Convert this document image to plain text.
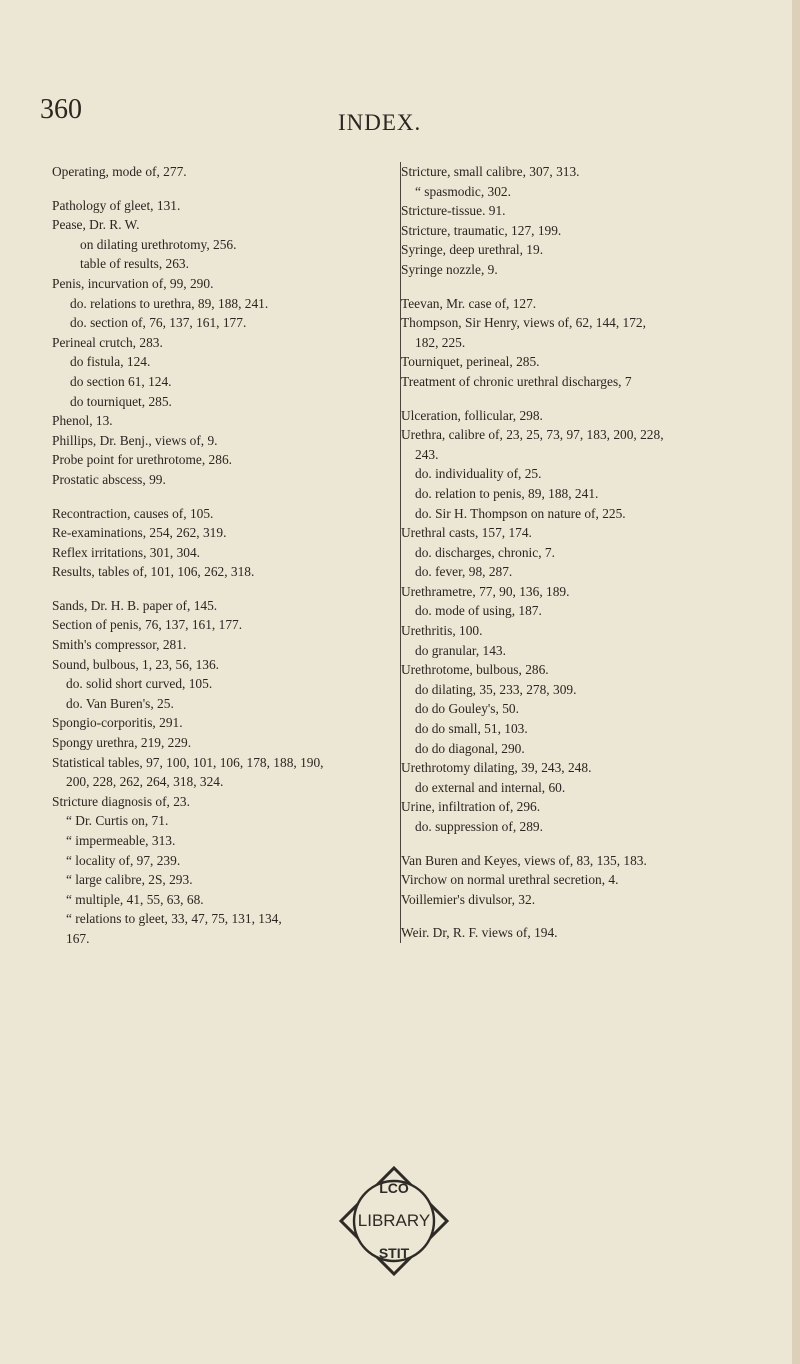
360	INDEX.
Operating, mode of, 277.
Pathology of gleet, 131.
Pease, Dr. R. W.
on dilating urethrotomy, 256.
table of results, 263.
Penis, incurvation of, 99, 290.
do. relations to urethra, 89, 188, 241.
do. section of, 76, 137, 161, 177.
Perineal crutch, 283.
do fistula, 124.
do section 61, 124.
do tourniquet, 285.
Phenol, 13.
Phillips, Dr. Benj., views of, 9.
Probe point for urethrotome, 286.
Prostatic abscess, 99.
Recontraction, causes of, 105.
Re-examinations, 254, 262, 319.
Reflex irritations, 301, 304.
Results, tables of, 101, 106, 262, 318.
Sands, Dr. H. B. paper of, 145.
Section of penis, 76, 137, 161, 177.
Smith's compressor, 281.
Sound, bulbous, 1, 23, 56, 136.
do. solid short curved, 105.
do. Van Buren's, 25.
Spongio-corporitis, 291.
Spongy urethra, 219, 229.
Statistical tables, 97, 100, 101, 106, 178, 188, 190,
200, 228, 262, 264, 318, 324.
Stricture diagnosis of, 23.
“ Dr. Curtis on, 71.
“ impermeable, 313.
“ locality of, 97, 239.
“ large calibre, 2S, 293.
“ multiple, 41, 55, 63, 68.
“ relations to gleet, 33, 47, 75, 131, 134,
167.
Stricture, small calibre, 307, 313.
“ spasmodic, 302.
Stricture-tissue. 91.
Stricture, traumatic, 127, 199.
Syringe, deep urethral, 19.
Syringe nozzle, 9.
Teevan, Mr. case of, 127.
Thompson, Sir Henry, views of, 62, 144, 172,
182, 225.
Tourniquet, perineal, 285.
Treatment of chronic urethral discharges, 7
Ulceration, follicular, 298.
Urethra, calibre of, 23, 25, 73, 97, 183, 200, 228,
243.
do. individuality of, 25.
do. relation to penis, 89, 188, 241.
do. Sir H. Thompson on nature of, 225.
Urethral casts, 157, 174.
do. discharges, chronic, 7.
do. fever, 98, 287.
Urethrametre, 77, 90, 136, 189.
do. mode of using, 187.
Urethritis, 100.
do granular, 143.
Urethrotome, bulbous, 286.
do dilating, 35, 233, 278, 309.
do do Gouley's, 50.
do do small, 51, 103.
do do diagonal, 290.
Urethrotomy dilating, 39, 243, 248.
do external and internal, 60.
Urine, infiltration of, 296.
do. suppression of, 289.
Van Buren and Keyes, views of, 83, 135, 183.
Virchow on normal urethral secretion, 4.
Voillemier's divulsor, 32.
Weir. Dr, R. F. views of, 194.
LCO
LIBRARY
STIT
